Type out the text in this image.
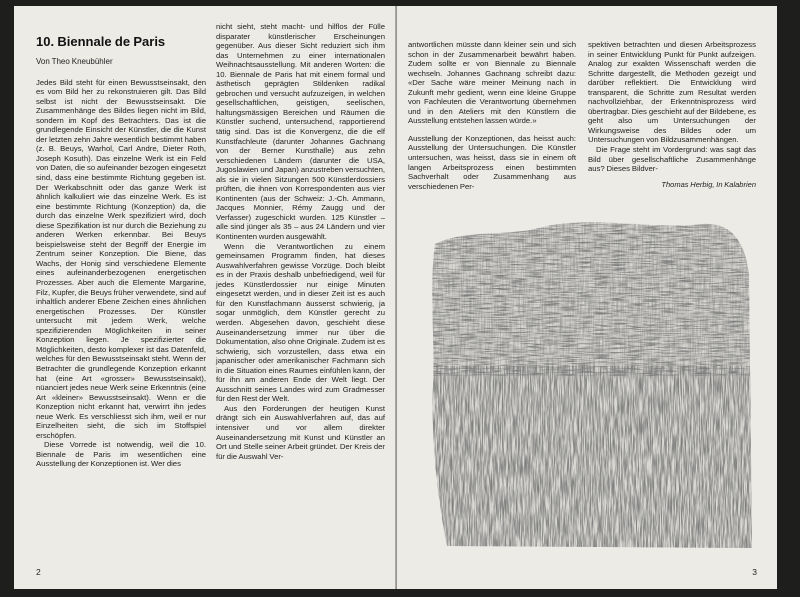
10. Biennale de Paris
Von Theo Kneubühler

Jedes Bild steht für einen Bewusstseinsakt, den es vom Bild her zu rekonstruieren gilt. Das Bild selbst ist nicht der Bewusstseinsakt. Die Zusammenhänge des Bildes liegen nicht im Bild, sondern im Kopf des Betrachters. Das ist die grundlegende Einsicht der Künstler, die die Kunst der letzten zehn Jahre wesentlich bestimmt haben (z. B. Beuys, Warhol, Carl Andre, Dieter Roth, Joseph Kosuth). Das einzelne Werk ist ein Feld von Daten, die so aufeinander bezogen eingesetzt sind, dass eine bestimmte Richtung gegeben ist. Der Werkabschnitt oder das ganze Werk ist ähnlich kalkuliert wie das einzelne Werk. Es ist eine bestimmte Richtung (Konzeption) da, die durch das einzelne Werk spezifiziert wird, doch diese Spezifikation ist nur durch die Beziehung zu anderen Werken erkennbar. Bei Beuys beispielsweise steht der Begriff der Energie im Zentrum seiner Konzeption. Die Biene, das Wachs, der Honig sind verschiedene Elemente eines aufeinanderbezogenen energetischen Prozesses. Aber auch die Elemente Margarine, Filz, Kupfer, die Beuys früher verwendete, sind auf inhaltlich anderer Ebene Zeichen eines ähnlichen energetischen Prozesses. Der Künstler untersucht mit jedem Werk, welche spezifizierenden Möglichkeiten in seiner Konzeption liegen. Je spezifizierter die Möglichkeiten, desto komplexer ist das Datenfeld, welches für den Bewusstseinsakt steht. Wenn der Betrachter die grundlegende Konzeption erkannt hat (eine Art «grosser» Bewusstseinsakt), nüanciert jedes neue Werk seine Erkenntnis (eine Art «kleiner» Bewusstseinsakt). Wenn er die Konzeption nicht erkannt hat, verwirrt ihn jedes neue Werk. Es verschliesst sich ihm, weil er nur Einzelheiten sieht, die sich im Stoffspiel erschöpfen.

Diese Vorrede ist notwendig, weil die 10. Biennale de Paris im wesentlichen eine Ausstellung der Konzeptionen ist. Wer dies

nicht sieht, steht macht- und hilflos der Fülle disparater künstlerischer Erscheinungen gegenüber. Aus dieser Sicht reduziert sich ihm das Unternehmen zu einer internationalen Weihnachtsausstellung. Mit anderen Worten: die 10. Biennale de Paris hat mit einem formal und ästhetisch geprägten Stildenken radikal gebrochen und versucht aufzuzeigen, in welchen gesellschaftlichen, geistigen, seelischen, haltungsmässigen Bereichen und Räumen die Künstler suchend, untersuchend, rapportierend tätig sind. Das ist die Konvergenz, die die elf Kunstfachleute (darunter Johannes Gachnang von der Berner Kunsthalle) aus zehn verschiedenen Ländern (darunter die USA, Jugoslawien und Japan) anzustreben versuchten, als sie in vielen Sitzungen 500 Künstlerdossiers prüften, die ihnen von Korrespondenten aus vier Kontinenten (aus der Schweiz: J.-Ch. Ammann, Jacques Monnier, Rémy Zaugg und der Verfasser) zugeschickt wurden. 125 Künstler – alle sind jünger als 35 – aus 24 Ländern und vier Kontinenten wurden ausgewählt.

Wenn die Verantwortlichen zu einem gemeinsamen Programm finden, hat dieses Auswahlverfahren gewisse Vorzüge. Doch bleibt es in der Praxis deshalb unbefriedigend, weil für jedes Künstlerdossier nur einige Minuten eingesetzt werden, und in dieser Zeit ist es auch für den Kunstfachmann äusserst schwierig, ja sogar unmöglich, dem Künstler gerecht zu werden. Abgesehen davon, geschieht diese Auseinandersetzung immer nur über die Dokumentation, also ohne Originale. Zudem ist es schwierig, sich vorzustellen, dass etwa ein japanischer oder amerikanischer Fachmann sich in die Situation eines Raumes einfühlen kann, der für ihn am anderen Ende der Welt liegt. Der Ausschnitt seines Landes wird zum Gradmesser für den Rest der Welt.

Aus den Forderungen der heutigen Kunst drängt sich ein Auswahlverfahren auf, das auf intensiver und vor allem direkter Auseinandersetzung mit Kunst und Künstler an Ort und Stelle seiner Arbeit gründet. Der Kreis der für die Auswahl Ver-

2

antwortlichen müsste dann kleiner sein und sich schon in der Zusammenarbeit bewährt haben. Zudem sollte er von Biennale zu Biennale wechseln. Johannes Gachnang schreibt dazu: «Der Sache wäre meiner Meinung nach in Zukunft mehr gedient, wenn eine kleine Gruppe von Fachleuten die Verantwortung übernehmen und in den Ateliers mit den Künstlern die Ausstellung entstehen lassen würde.»

Ausstellung der Konzeptionen, das heisst auch: Ausstellung der Untersuchungen. Die Künstler untersuchen, was heisst, dass sie in einem oft langen Arbeitsprozess einen bestimmten Sachverhalt oder Zusammenhang aus verschiedenen Per-

spektiven betrachten und diesen Arbeitsprozess in seiner Entwicklung Punkt für Punkt aufzeigen. Analog zur exakten Wissenschaft werden die Schritte dargestellt, die Methoden gezeigt und darüber reflektiert. Die Entwicklung wird transparent, die Schritte zum Resultat werden nachvollziehbar, der Erkenntnisprozess wird übertragbar. Dies geschieht auf der Bildebene, es geht also um Untersuchungen der Wirkungsweise des Bildes oder um Untersuchungen von Bildzusammenhängen.

Die Frage steht im Vordergrund: was sagt das Bild über gesellschaftliche Zusammenhänge aus? Dieses Bildver-

Thomas Herbig, In Kalabrien
3
